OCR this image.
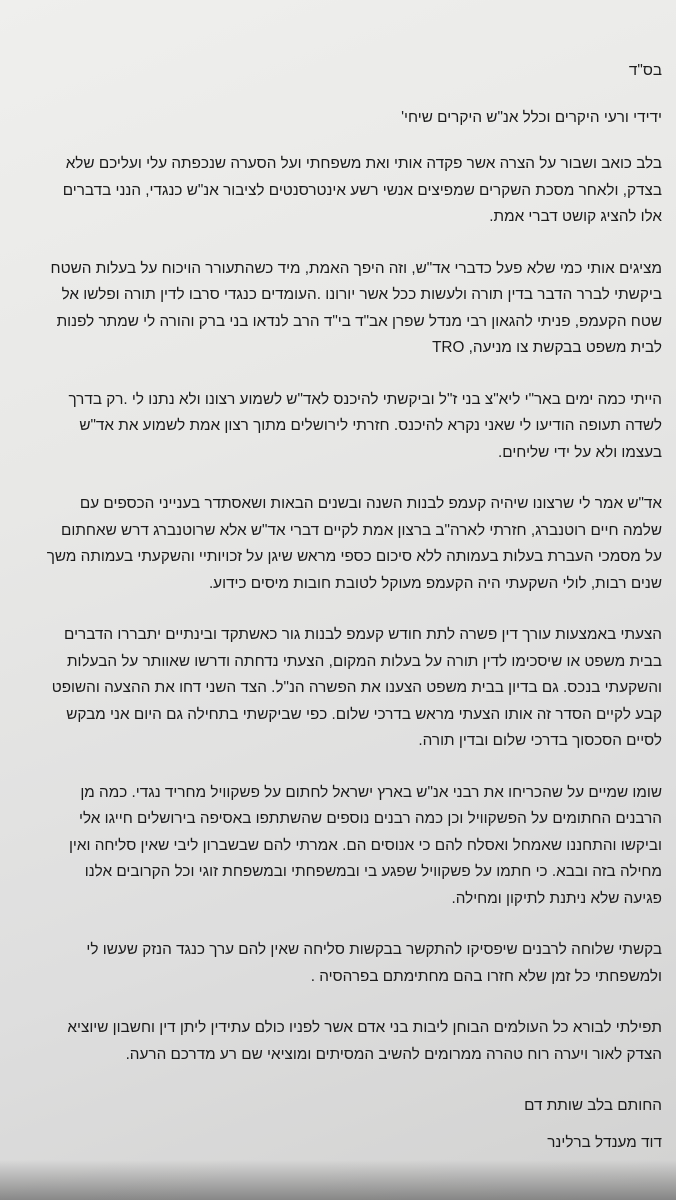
בס"ד
ידידי ורעי היקרים וכלל אנ"ש היקרים שיחי'
בלב כואב ושבור על הצרה אשר פקדה אותי ואת משפחתי ועל הסערה שנכפתה עלי ועליכם שלא
בצדק, ולאחר מסכת השקרים שמפיצים אנשי רשע אינטרסנטים לציבור אנ"ש כנגדי, הנני בדברים
אלו להציג קושט דברי אמת.
מציגים אותי כמי שלא פעל כדברי אד"ש, וזה היפך האמת, מיד כשהתעורר הויכוח על בעלות השטח
ביקשתי לברר הדבר בדין תורה ולעשות ככל אשר יורונו .העומדים כנגדי סרבו לדין תורה ופלשו אל
שטח הקעמפ, פניתי להגאון רבי מנדל שפרן אב"ד בי"ד הרב לנדאו בני ברק והורה לי שמתר לפנות
לבית משפט בבקשת צו מניעה, TRO
הייתי כמה ימים באר"י ליא"צ בני ז"ל וביקשתי להיכנס לאד"ש לשמוע רצונו ולא נתנו לי .רק בדרך
לשדה תעופה הודיעו לי שאני נקרא להיכנס. חזרתי לירושלים מתוך רצון אמת לשמוע את אד"ש
בעצמו ולא על ידי שליחים.
אד"ש אמר לי שרצונו שיהיה קעמפ לבנות השנה ובשנים הבאות ושאסתדר בענייני הכספים עם
שלמה חיים רוטנברג, חזרתי לארה"ב ברצון אמת לקיים דברי אד"ש אלא שרוטנברג דרש שאחתום
על מסמכי העברת בעלות בעמותה ללא סיכום כספי מראש שיגן על זכויותיי והשקעתי בעמותה משך
שנים רבות, לולי השקעתי היה הקעמפ מעוקל לטובת חובות מיסים כידוע.
הצעתי באמצעות עורך דין פשרה לתת חודש קעמפ לבנות גור כאשתקד ובינתיים יתבררו הדברים
בבית משפט או שיסכימו לדין תורה על בעלות המקום, הצעתי נדחתה ודרשו שאוותר על הבעלות
והשקעתי בנכס. גם בדיון בבית משפט הצענו את הפשרה הנ"ל. הצד השני דחו את ההצעה והשופט
קבע לקיים הסדר זה אותו הצעתי מראש בדרכי שלום. כפי שביקשתי בתחילה גם היום אני מבקש
לסיים הסכסוך בדרכי שלום ובדין תורה.
שומו שמיים על שהכריחו את רבני אנ"ש בארץ ישראל לחתום על פשקוויל מחריד נגדי. כמה מן
הרבנים החתומים על הפשקוויל וכן כמה רבנים נוספים שהשתתפו באסיפה בירושלים חייגו אלי
וביקשו והתחננו שאמחל ואסלח להם כי אנוסים הם. אמרתי להם שבשברון ליבי שאין סליחה ואין
מחילה בזה ובבא. כי חתמו על פשקוויל שפגע בי ובמשפחתי ובמשפחת זוגי וכל הקרובים אלנו
פגיעה שלא ניתנת לתיקון ומחילה.
בקשתי שלוחה לרבנים שיפסיקו להתקשר בבקשות סליחה שאין להם ערך כנגד הנזק שעשו לי
ולמשפחתי כל זמן שלא חזרו בהם מחתימתם בפרהסיה .
תפילתי לבורא כל העולמים הבוחן ליבות בני אדם אשר לפניו כולם עתידין ליתן דין וחשבון שיוציא
הצדק לאור ויערה רוח טהרה ממרומים להשיב המסיתים ומוציאי שם רע מדרכם הרעה.
החותם בלב שותת דם
דוד מענדל ברלינר
